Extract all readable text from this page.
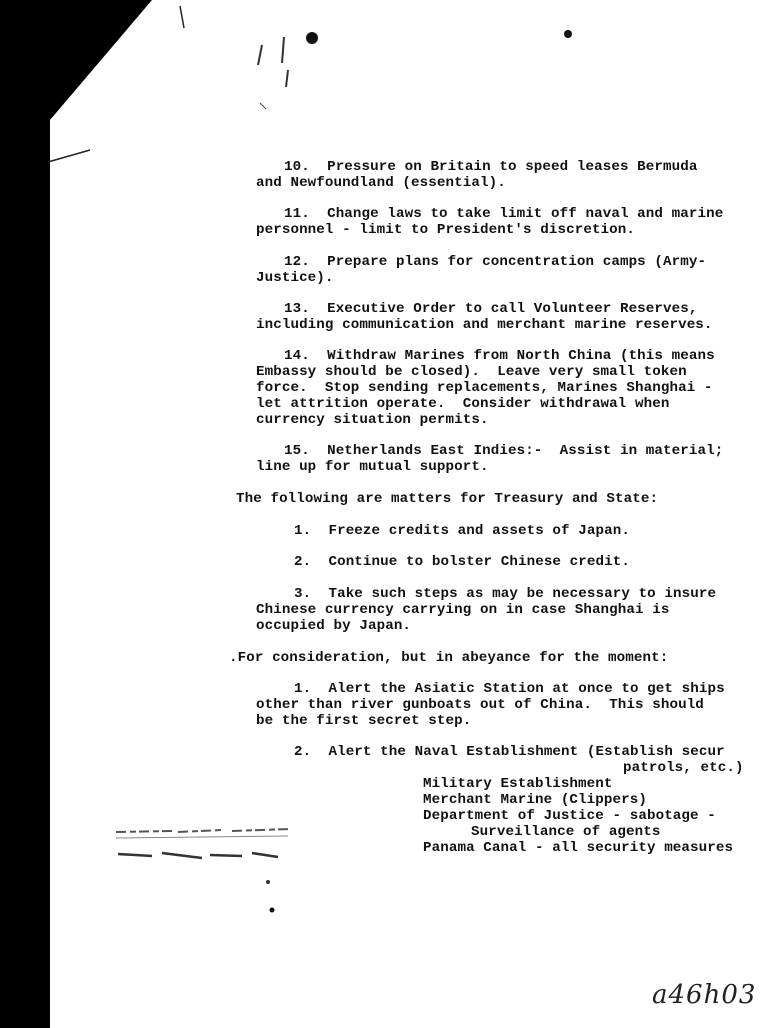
10. Pressure on Britain to speed leases Bermuda
and Newfoundland (essential).
11. Change laws to take limit off naval and marine
personnel - limit to President's discretion.
12. Prepare plans for concentration camps (Army-
Justice).
13. Executive Order to call Volunteer Reserves,
including communication and merchant marine reserves.
14. Withdraw Marines from North China (this means
Embassy should be closed).  Leave very small token
force.  Stop sending replacements, Marines Shanghai -
let attrition operate.  Consider withdrawal when
currency situation permits.
15. Netherlands East Indies:-  Assist in material;
line up for mutual support.
The following are matters for Treasury and State:
1. Freeze credits and assets of Japan.
2. Continue to bolster Chinese credit.
3. Take such steps as may be necessary to insure
Chinese currency carrying on in case Shanghai is
occupied by Japan.
.For consideration, but in abeyance for the moment:
1. Alert the Asiatic Station at once to get ships
other than river gunboats out of China.  This should
be the first secret step.
2. Alert the Naval Establishment (Establish secur
patrols, etc.)
Military Establishment
Merchant Marine (Clippers)
Department of Justice - sabotage -
Surveillance of agents
Panama Canal - all security measures
a46h03
